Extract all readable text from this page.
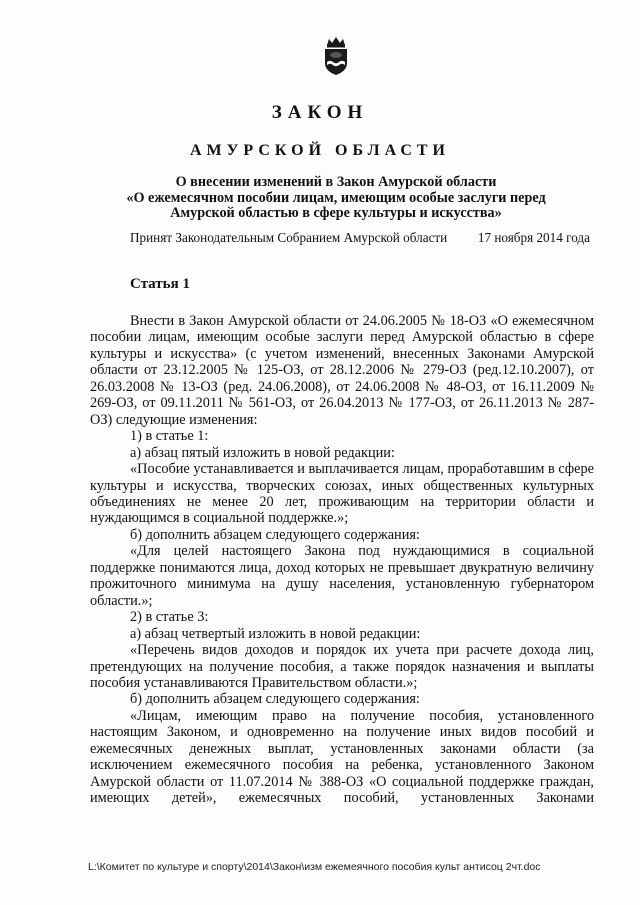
ЗАКОН
АМУРСКОЙ ОБЛАСТИ
О внесении изменений в Закон Амурской области
«О ежемесячном пособии лицам, имеющим особые заслуги перед
Амурской областью в сфере культуры и искусства»
Принят Законодательным Собранием Амурской области 17 ноября 2014 года
Статья 1

Внести в Закон Амурской области от 24.06.2005 № 18-ОЗ «О ежемесячном пособии лицам, имеющим особые заслуги перед Амурской областью в сфере культуры и искусства» (с учетом изменений, внесенных Законами Амурской области от 23.12.2005 № 125-ОЗ, от 28.12.2006 № 279-ОЗ (ред.12.10.2007), от 26.03.2008 № 13-ОЗ (ред. 24.06.2008), от 24.06.2008 № 48-ОЗ, от 16.11.2009 № 269-ОЗ, от 09.11.2011 № 561-ОЗ, от 26.04.2013 № 177-ОЗ, от 26.11.2013 № 287-ОЗ) следующие изменения:

1) в статье 1:

а) абзац пятый изложить в новой редакции:

«Пособие устанавливается и выплачивается лицам, проработавшим в сфере культуры и искусства, творческих союзах, иных общественных культурных объединениях не менее 20 лет, проживающим на территории области и нуждающимся в социальной поддержке.»;

б) дополнить абзацем следующего содержания:

«Для целей настоящего Закона под нуждающимися в социальной поддержке понимаются лица, доход которых не превышает двукратную величину прожиточного минимума на душу населения, установленную губернатором области.»;

2) в статье 3:

а) абзац четвертый изложить в новой редакции:

«Перечень видов доходов и порядок их учета при расчете дохода лиц, претендующих на получение пособия, а также порядок назначения и выплаты пособия устанавливаются Правительством области.»;

б) дополнить абзацем следующего содержания:

«Лицам, имеющим право на получение пособия, установленного настоящим Законом, и одновременно на получение иных видов пособий и ежемесячных денежных выплат, установленных законами области (за исключением ежемесячного пособия на ребенка, установленного Законом Амурской области от 11.07.2014 № 388-ОЗ «О социальной поддержке граждан, имеющих детей», ежемесячных пособий, установленных Законами

L:\Комитет по культуре и спорту\2014\Закон\изм ежемеячного пособия культ антисоц 2чт.doc
